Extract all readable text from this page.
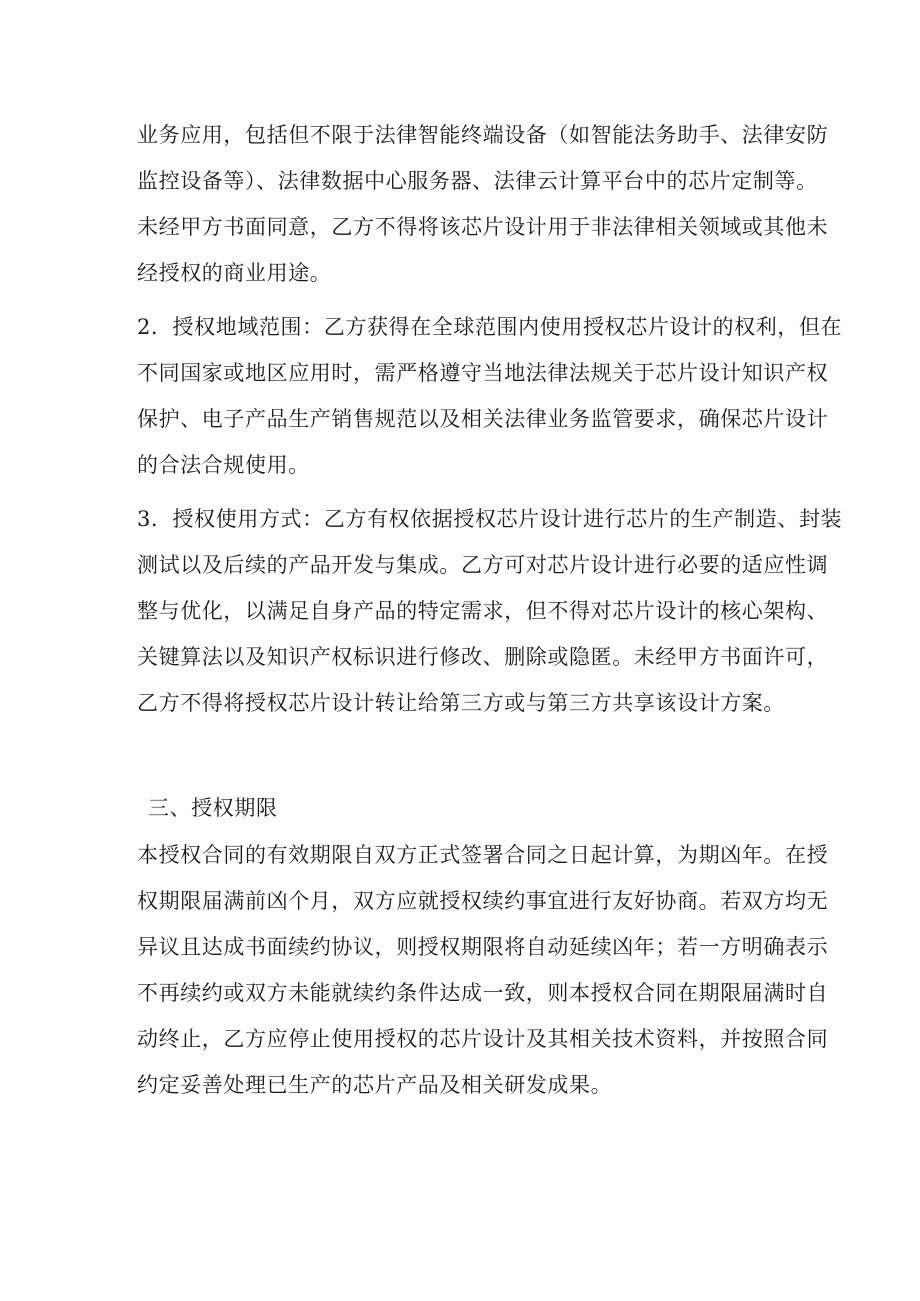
业务应用，包括但不限于法律智能终端设备（如智能法务助手、法律安防
监控设备等）、法律数据中心服务器、法律云计算平台中的芯片定制等。
未经甲方书面同意，乙方不得将该芯片设计用于非法律相关领域或其他未
经授权的商业用途。
2．授权地域范围：乙方获得在全球范围内使用授权芯片设计的权利，但在
不同国家或地区应用时，需严格遵守当地法律法规关于芯片设计知识产权
保护、电子产品生产销售规范以及相关法律业务监管要求，确保芯片设计
的合法合规使用。
3．授权使用方式：乙方有权依据授权芯片设计进行芯片的生产制造、封装
测试以及后续的产品开发与集成。乙方可对芯片设计进行必要的适应性调
整与优化，以满足自身产品的特定需求，但不得对芯片设计的核心架构、
关键算法以及知识产权标识进行修改、删除或隐匿。未经甲方书面许可，
乙方不得将授权芯片设计转让给第三方或与第三方共享该设计方案。
三、授权期限
本授权合同的有效期限自双方正式签署合同之日起计算，为期凶年。在授
权期限届满前凶个月，双方应就授权续约事宜进行友好协商。若双方均无
异议且达成书面续约协议，则授权期限将自动延续凶年；若一方明确表示
不再续约或双方未能就续约条件达成一致，则本授权合同在期限届满时自
动终止，乙方应停止使用授权的芯片设计及其相关技术资料，并按照合同
约定妥善处理已生产的芯片产品及相关研发成果。
